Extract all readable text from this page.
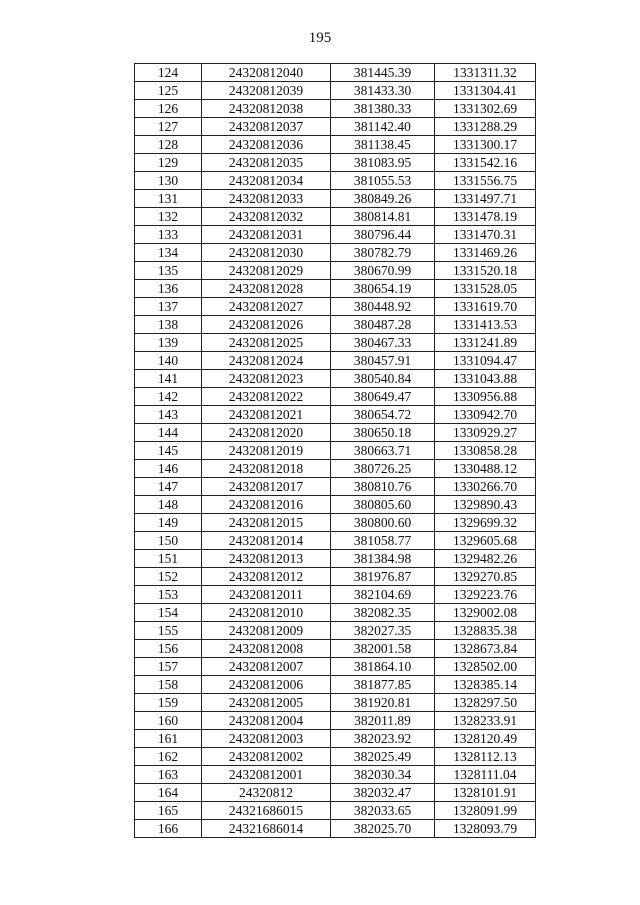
195
124	24320812040	381445.39	1331311.32
125	24320812039	381433.30	1331304.41
126	24320812038	381380.33	1331302.69
127	24320812037	381142.40	1331288.29
128	24320812036	381138.45	1331300.17
129	24320812035	381083.95	1331542.16
130	24320812034	381055.53	1331556.75
131	24320812033	380849.26	1331497.71
132	24320812032	380814.81	1331478.19
133	24320812031	380796.44	1331470.31
134	24320812030	380782.79	1331469.26
135	24320812029	380670.99	1331520.18
136	24320812028	380654.19	1331528.05
137	24320812027	380448.92	1331619.70
138	24320812026	380487.28	1331413.53
139	24320812025	380467.33	1331241.89
140	24320812024	380457.91	1331094.47
141	24320812023	380540.84	1331043.88
142	24320812022	380649.47	1330956.88
143	24320812021	380654.72	1330942.70
144	24320812020	380650.18	1330929.27
145	24320812019	380663.71	1330858.28
146	24320812018	380726.25	1330488.12
147	24320812017	380810.76	1330266.70
148	24320812016	380805.60	1329890.43
149	24320812015	380800.60	1329699.32
150	24320812014	381058.77	1329605.68
151	24320812013	381384.98	1329482.26
152	24320812012	381976.87	1329270.85
153	24320812011	382104.69	1329223.76
154	24320812010	382082.35	1329002.08
155	24320812009	382027.35	1328835.38
156	24320812008	382001.58	1328673.84
157	24320812007	381864.10	1328502.00
158	24320812006	381877.85	1328385.14
159	24320812005	381920.81	1328297.50
160	24320812004	382011.89	1328233.91
161	24320812003	382023.92	1328120.49
162	24320812002	382025.49	1328112.13
163	24320812001	382030.34	1328111.04
164	24320812	382032.47	1328101.91
165	24321686015	382033.65	1328091.99
166	24321686014	382025.70	1328093.79
